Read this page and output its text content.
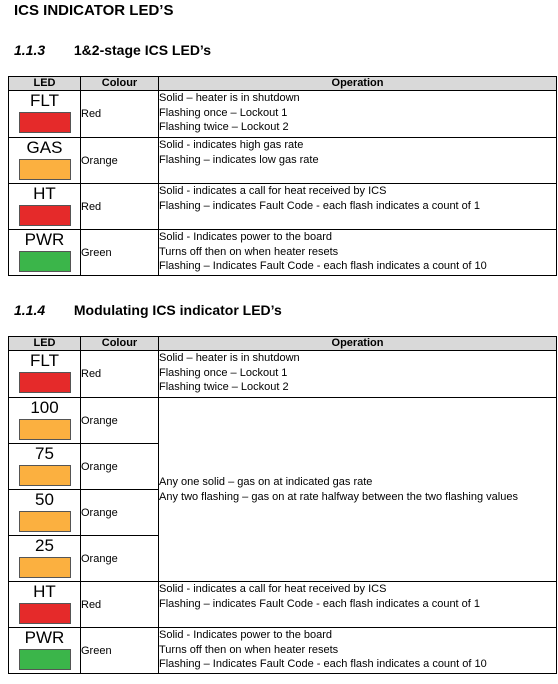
ICS INDICATOR LED’S
1.1.3 1&2-stage ICS LED’s
LED	Colour	Operation

FLT	Red	Solid – heater is in shutdown
Flashing once – Lockout 1
Flashing twice – Lockout 2

GAS	Orange	Solid - indicates high gas rate
Flashing – indicates low gas rate

HT	Red	Solid - indicates a call for heat received by ICS
Flashing – indicates Fault Code - each flash indicates a count of 1

PWR	Green	Solid - Indicates power to the board
Turns off then on when heater resets
Flashing – Indicates Fault Code - each flash indicates a count of 10
1.1.4 Modulating ICS indicator LED’s
LED	Colour	Operation

FLT	Red	Solid – heater is in shutdown
Flashing once – Lockout 1
Flashing twice – Lockout 2

100	Orange	Any one solid – gas on at indicated gas rate
Any two flashing – gas on at rate halfway between the two flashing values

75	Orange	

50	Orange	

25	Orange	

HT	Red	Solid - indicates a call for heat received by ICS
Flashing – indicates Fault Code - each flash indicates a count of 1

PWR	Green	Solid - Indicates power to the board
Turns off then on when heater resets
Flashing – Indicates Fault Code - each flash indicates a count of 10
